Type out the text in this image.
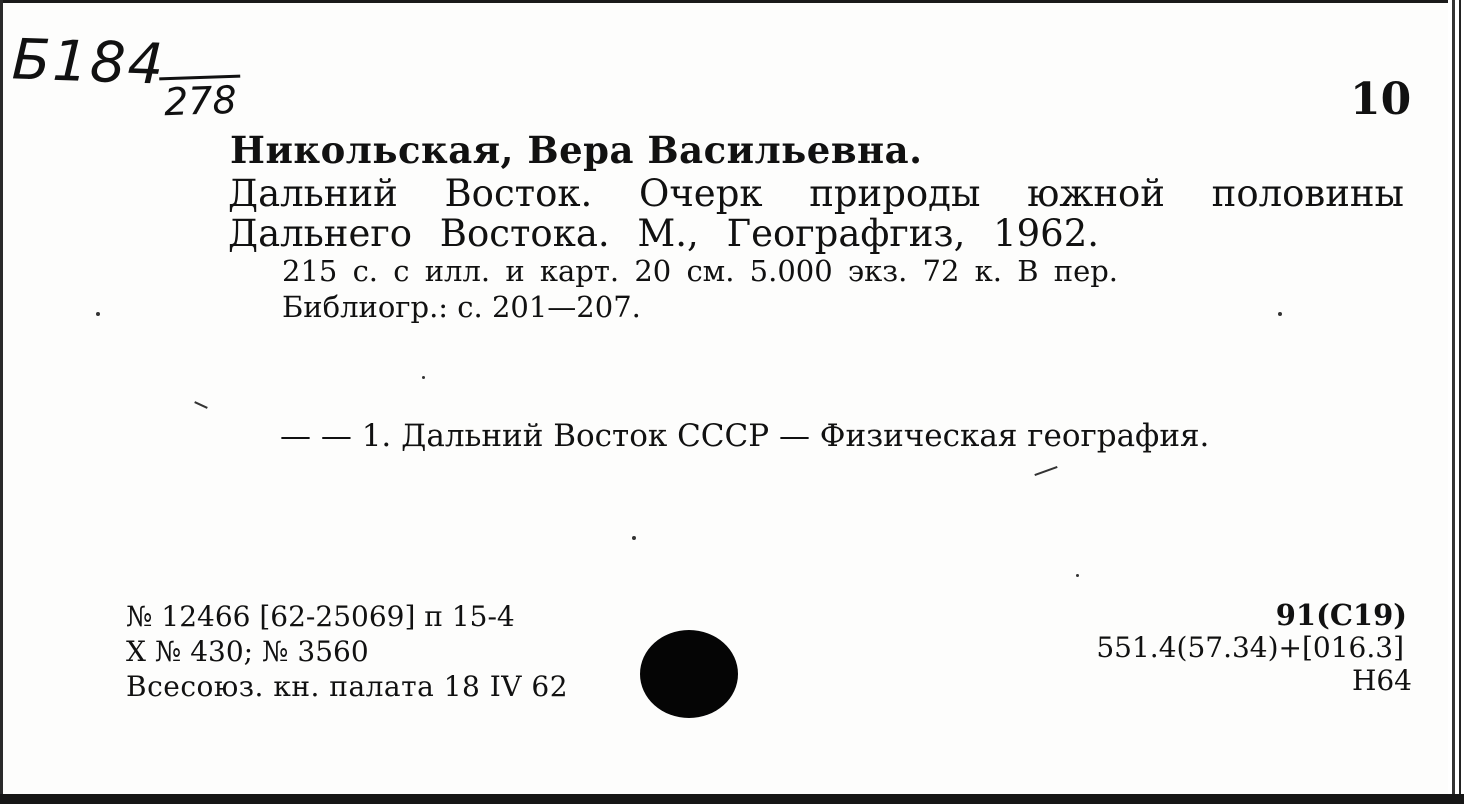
Б184
278	10
Никольская, Вера Васильевна.
Дальний Восток. Очерк природы южной половины
Дальнего Востока. М., Географгиз, 1962.
215 с. с илл. и карт. 20 см. 5.000 экз. 72 к. В пер.
Библиогр.: с. 201—207.
— — 1. Дальний Восток СССР — Физическая география.
№ 12466 [62-25069] п 15-4
X № 430; № 3560
Всесоюз. кн. палата 18 IV 62
91(С19)
551.4(57.34)+[016.3]
Н64
